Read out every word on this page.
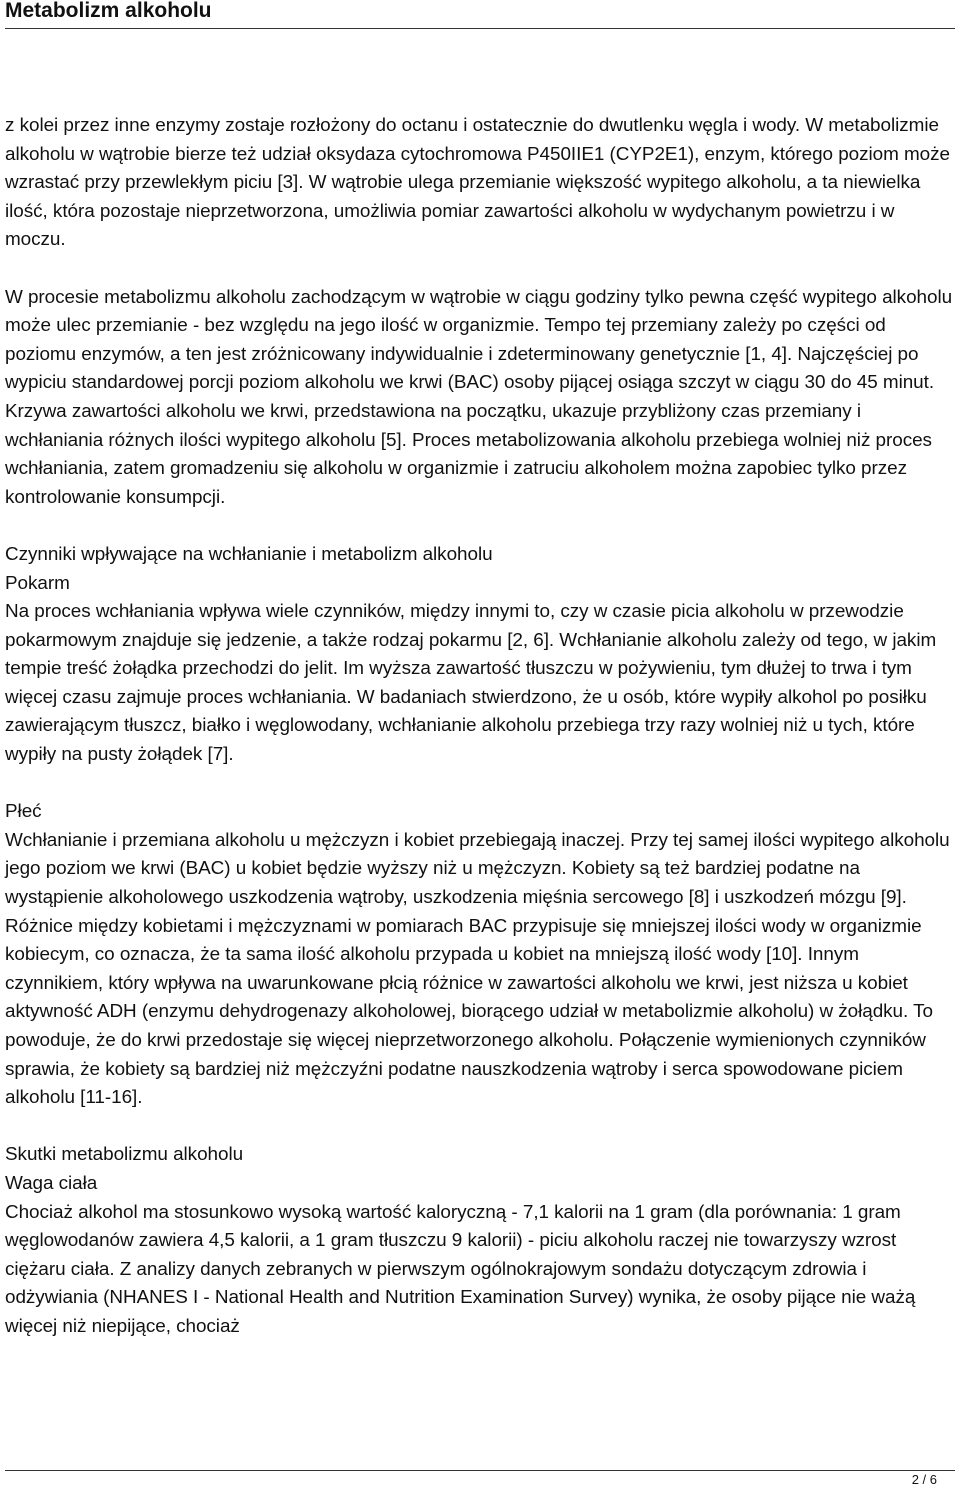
Metabolizm alkoholu

z kolei przez inne enzymy zostaje rozłożony do octanu i ostatecznie do dwutlenku węgla i wody. W metabolizmie alkoholu w wątrobie bierze też udział oksydaza cytochromowa P450IIE1 (CYP2E1), enzym, którego poziom może wzrastać przy przewlekłym piciu [3]. W wątrobie ulega przemianie większość wypitego alkoholu, a ta niewielka ilość, która pozostaje nieprzetworzona, umożliwia pomiar zawartości alkoholu w wydychanym powietrzu i w moczu.

W procesie metabolizmu alkoholu zachodzącym w wątrobie w ciągu godziny tylko pewna część wypitego alkoholu może ulec przemianie - bez względu na jego ilość w organizmie. Tempo tej przemiany zależy po części od poziomu enzymów, a ten jest zróżnicowany indywidualnie i zdeterminowany genetycznie [1, 4]. Najczęściej po wypiciu standardowej porcji poziom alkoholu we krwi (BAC) osoby pijącej osiąga szczyt w ciągu 30 do 45 minut. Krzywa zawartości alkoholu we krwi, przedstawiona na początku, ukazuje przybliżony czas przemiany i wchłaniania różnych ilości wypitego alkoholu [5]. Proces metabolizowania alkoholu przebiega wolniej niż proces wchłaniania, zatem gromadzeniu się alkoholu w organizmie i zatruciu alkoholem można zapobiec tylko przez kontrolowanie konsumpcji.

Czynniki wpływające na wchłanianie i metabolizm alkoholu
Pokarm
Na proces wchłaniania wpływa wiele czynników, między innymi to, czy w czasie picia alkoholu w przewodzie pokarmowym znajduje się jedzenie, a także rodzaj pokarmu [2, 6]. Wchłanianie alkoholu zależy od tego, w jakim tempie treść żołądka przechodzi do jelit. Im wyższa zawartość tłuszczu w pożywieniu, tym dłużej to trwa i tym więcej czasu zajmuje proces wchłaniania. W badaniach stwierdzono, że u osób, które wypiły alkohol po posiłku zawierającym tłuszcz, białko i węglowodany, wchłanianie alkoholu przebiega trzy razy wolniej niż u tych, które wypiły na pusty żołądek [7].

Płeć
Wchłanianie i przemiana alkoholu u mężczyzn i kobiet przebiegają inaczej. Przy tej samej ilości wypitego alkoholu jego poziom we krwi (BAC) u kobiet będzie wyższy niż u mężczyzn. Kobiety są też bardziej podatne na wystąpienie alkoholowego uszkodzenia wątroby, uszkodzenia mięśnia sercowego [8] i uszkodzeń mózgu [9]. Różnice między kobietami i mężczyznami w pomiarach BAC przypisuje się mniejszej ilości wody w organizmie kobiecym, co oznacza, że ta sama ilość alkoholu przypada u kobiet na mniejszą ilość wody [10]. Innym czynnikiem, który wpływa na uwarunkowane płcią różnice w zawartości alkoholu we krwi, jest niższa u kobiet aktywność ADH (enzymu dehydrogenazy alkoholowej, biorącego udział w metabolizmie alkoholu) w żołądku. To powoduje, że do krwi przedostaje się więcej nieprzetworzonego alkoholu. Połączenie wymienionych czynników sprawia, że kobiety są bardziej niż mężczyźni podatne nauszkodzenia wątroby i serca spowodowane piciem alkoholu [11-16].

Skutki metabolizmu alkoholu
Waga ciała
Chociaż alkohol ma stosunkowo wysoką wartość kaloryczną - 7,1 kalorii na 1 gram (dla porównania: 1 gram węglowodanów zawiera 4,5 kalorii, a 1 gram tłuszczu 9 kalorii) - piciu alkoholu raczej nie towarzyszy wzrost ciężaru ciała. Z analizy danych zebranych w pierwszym ogólnokrajowym sondażu dotyczącym zdrowia i odżywiania (NHANES I - National Health and Nutrition Examination Survey) wynika, że osoby pijące nie ważą więcej niż niepijące, chociaż

2 / 6
